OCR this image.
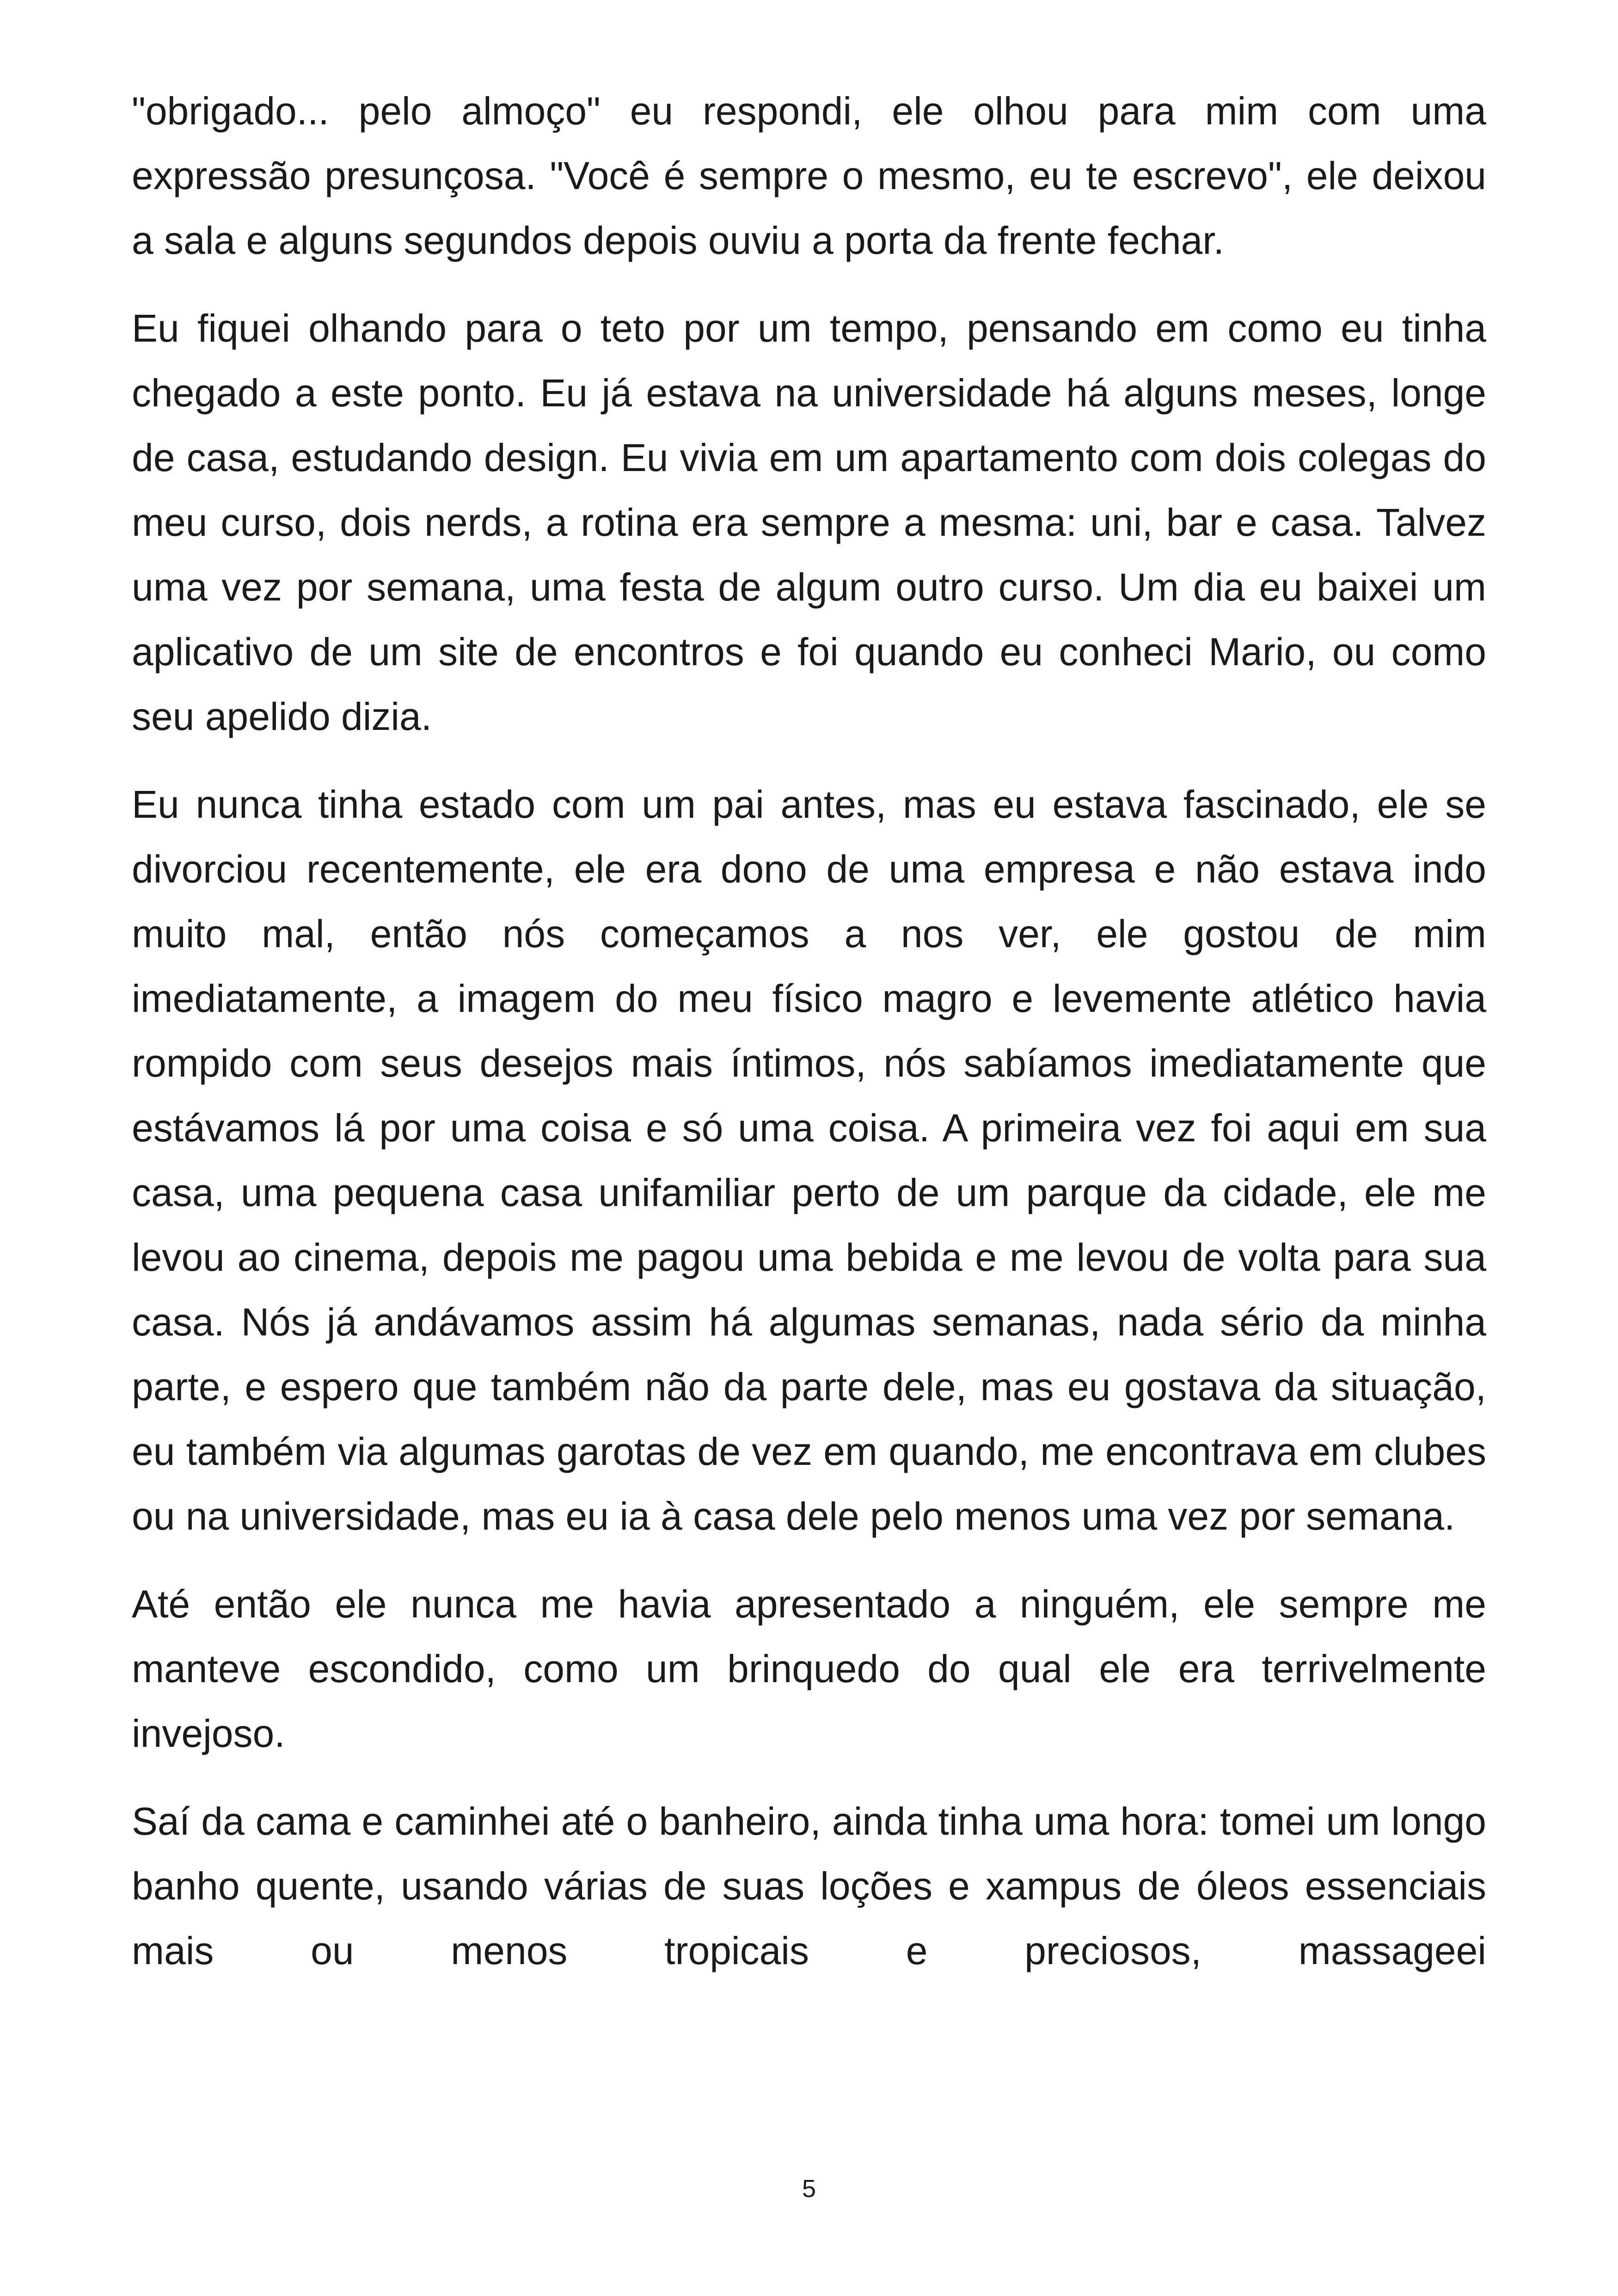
"obrigado... pelo almoço" eu respondi, ele olhou para mim com uma expressão presunçosa. "Você é sempre o mesmo, eu te escrevo", ele deixou a sala e alguns segundos depois ouviu a porta da frente fechar.

Eu fiquei olhando para o teto por um tempo, pensando em como eu tinha chegado a este ponto. Eu já estava na universidade há alguns meses, longe de casa, estudando design. Eu vivia em um apartamento com dois colegas do meu curso, dois nerds, a rotina era sempre a mesma: uni, bar e casa. Talvez uma vez por semana, uma festa de algum outro curso. Um dia eu baixei um aplicativo de um site de encontros e foi quando eu conheci Mario, ou como seu apelido dizia.

Eu nunca tinha estado com um pai antes, mas eu estava fascinado, ele se divorciou recentemente, ele era dono de uma empresa e não estava indo muito mal, então nós começamos a nos ver, ele gostou de mim imediatamente, a imagem do meu físico magro e levemente atlético havia rompido com seus desejos mais íntimos, nós sabíamos imediatamente que estávamos lá por uma coisa e só uma coisa. A primeira vez foi aqui em sua casa, uma pequena casa unifamiliar perto de um parque da cidade, ele me levou ao cinema, depois me pagou uma bebida e me levou de volta para sua casa. Nós já andávamos assim há algumas semanas, nada sério da minha parte, e espero que também não da parte dele, mas eu gostava da situação, eu também via algumas garotas de vez em quando, me encontrava em clubes ou na universidade, mas eu ia à casa dele pelo menos uma vez por semana.

Até então ele nunca me havia apresentado a ninguém, ele sempre me manteve escondido, como um brinquedo do qual ele era terrivelmente invejoso.

Saí da cama e caminhei até o banheiro, ainda tinha uma hora: tomei um longo banho quente, usando várias de suas loções e xampus de óleos essenciais mais ou menos tropicais e preciosos, massageei

5
